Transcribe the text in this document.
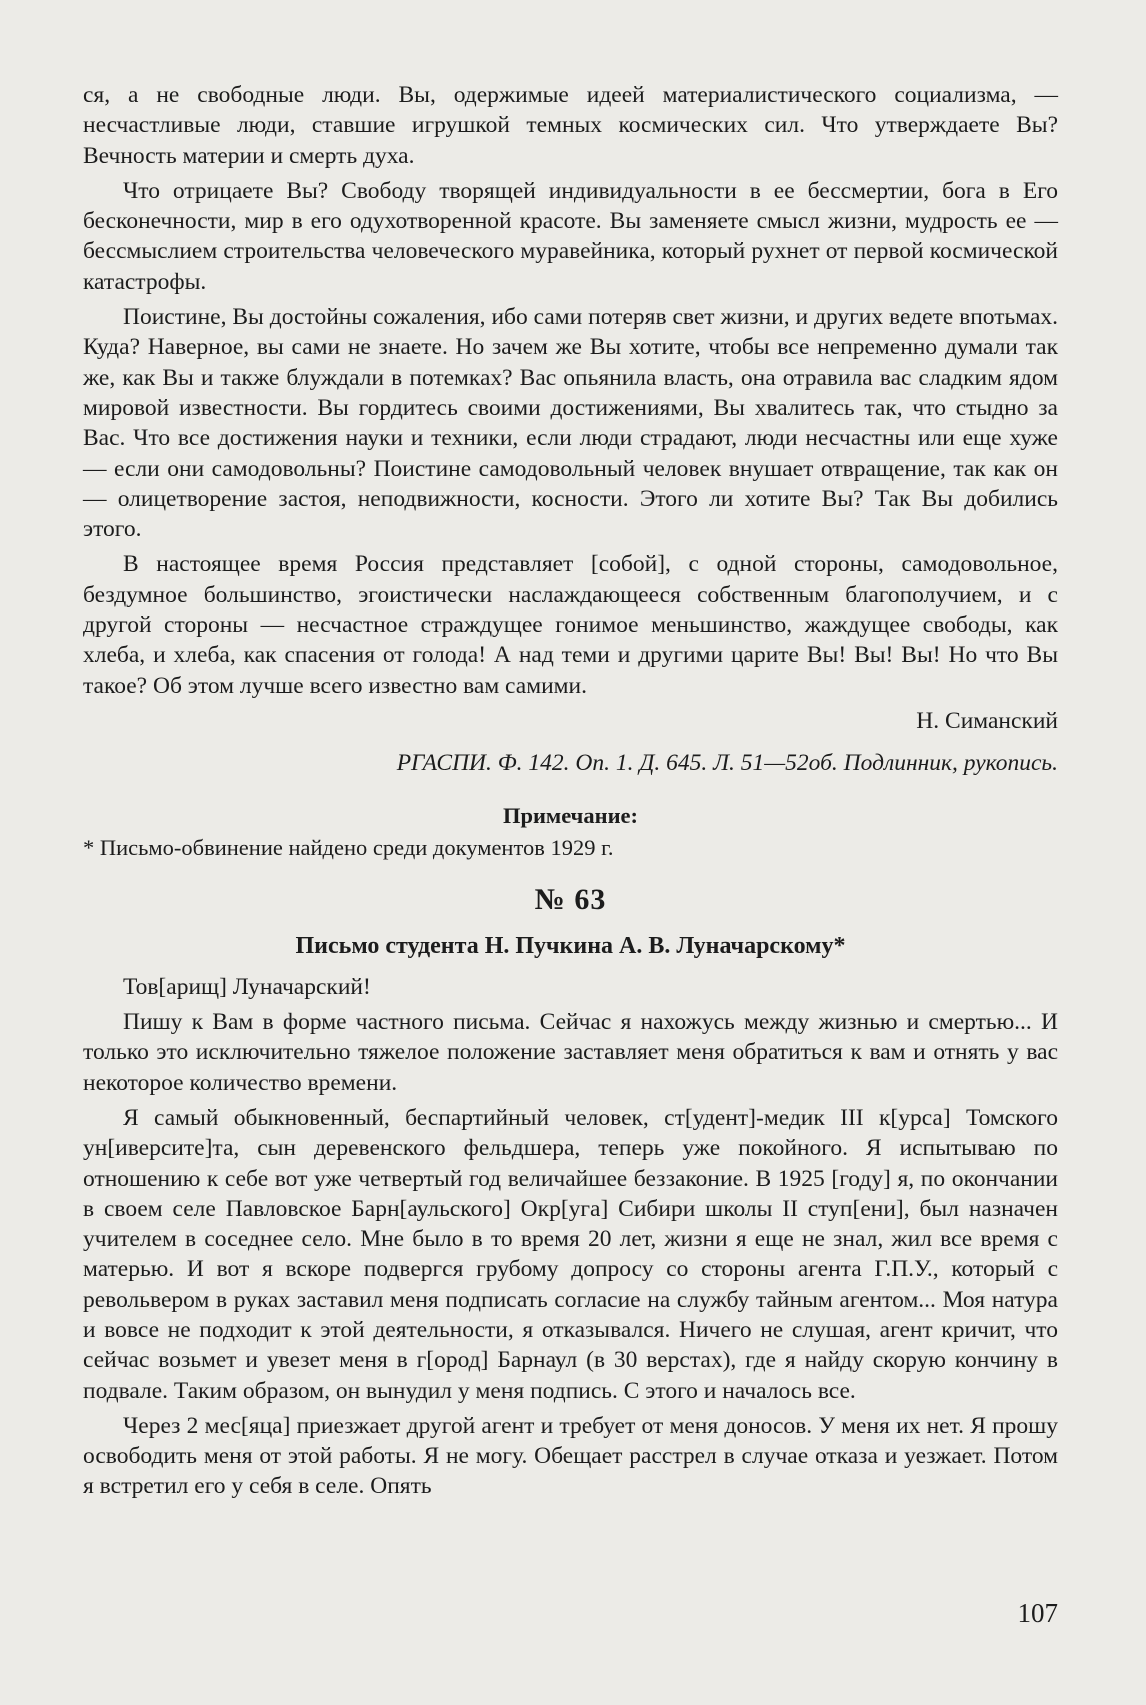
ся, а не свободные люди. Вы, одержимые идеей материалистического социализма, — несчастливые люди, ставшие игрушкой темных космических сил. Что утверждаете Вы? Вечность материи и смерть духа.

Что отрицаете Вы? Свободу творящей индивидуальности в ее бессмертии, бога в Его бесконечности, мир в его одухотворенной красоте. Вы заменяете смысл жизни, мудрость ее — бессмыслием строительства человеческого муравейника, который рухнет от первой космической катастрофы.

Поистине, Вы достойны сожаления, ибо сами потеряв свет жизни, и других ведете впотьмах. Куда? Наверное, вы сами не знаете. Но зачем же Вы хотите, чтобы все непременно думали так же, как Вы и также блуждали в потемках? Вас опьянила власть, она отравила вас сладким ядом мировой известности. Вы гордитесь своими достижениями, Вы хвалитесь так, что стыдно за Вас. Что все достижения науки и техники, если люди страдают, люди несчастны или еще хуже — если они самодовольны? Поистине самодовольный человек внушает отвращение, так как он — олицетворение застоя, неподвижности, косности. Этого ли хотите Вы? Так Вы добились этого.

В настоящее время Россия представляет [собой], с одной стороны, самодовольное, бездумное большинство, эгоистически наслаждающееся собственным благополучием, и с другой стороны — несчастное страждущее гонимое меньшинство, жаждущее свободы, как хлеба, и хлеба, как спасения от голода! А над теми и другими царите Вы! Вы! Вы! Но что Вы такое? Об этом лучше всего известно вам самими.

Н. Симанский
РГАСПИ. Ф. 142. Оп. 1. Д. 645. Л. 51—52об. Подлинник, рукопись.
Примечание:
* Письмо-обвинение найдено среди документов 1929 г.
№ 63
Письмо студента Н. Пучкина А. В. Луначарскому*

Тов[арищ] Луначарский!

Пишу к Вам в форме частного письма. Сейчас я нахожусь между жизнью и смертью... И только это исключительно тяжелое положение заставляет меня обратиться к вам и отнять у вас некоторое количество времени.

Я самый обыкновенный, беспартийный человек, ст[удент]-медик III к[урса] Томского ун[иверсите]та, сын деревенского фельдшера, теперь уже покойного. Я испытываю по отношению к себе вот уже четвертый год величайшее беззаконие. В 1925 [году] я, по окончании в своем селе Павловское Барн[аульского] Окр[уга] Сибири школы II ступ[ени], был назначен учителем в соседнее село. Мне было в то время 20 лет, жизни я еще не знал, жил все время с матерью. И вот я вскоре подвергся грубому допросу со стороны агента Г.П.У., который с револьвером в руках заставил меня подписать согласие на службу тайным агентом... Моя натура и вовсе не подходит к этой деятельности, я отказывался. Ничего не слушая, агент кричит, что сейчас возьмет и увезет меня в г[ород] Барнаул (в 30 верстах), где я найду скорую кончину в подвале. Таким образом, он вынудил у меня подпись. С этого и началось все.

Через 2 мес[яца] приезжает другой агент и требует от меня доносов. У меня их нет. Я прошу освободить меня от этой работы. Я не могу. Обещает расстрел в случае отказа и уезжает. Потом я встретил его у себя в селе. Опять

107
